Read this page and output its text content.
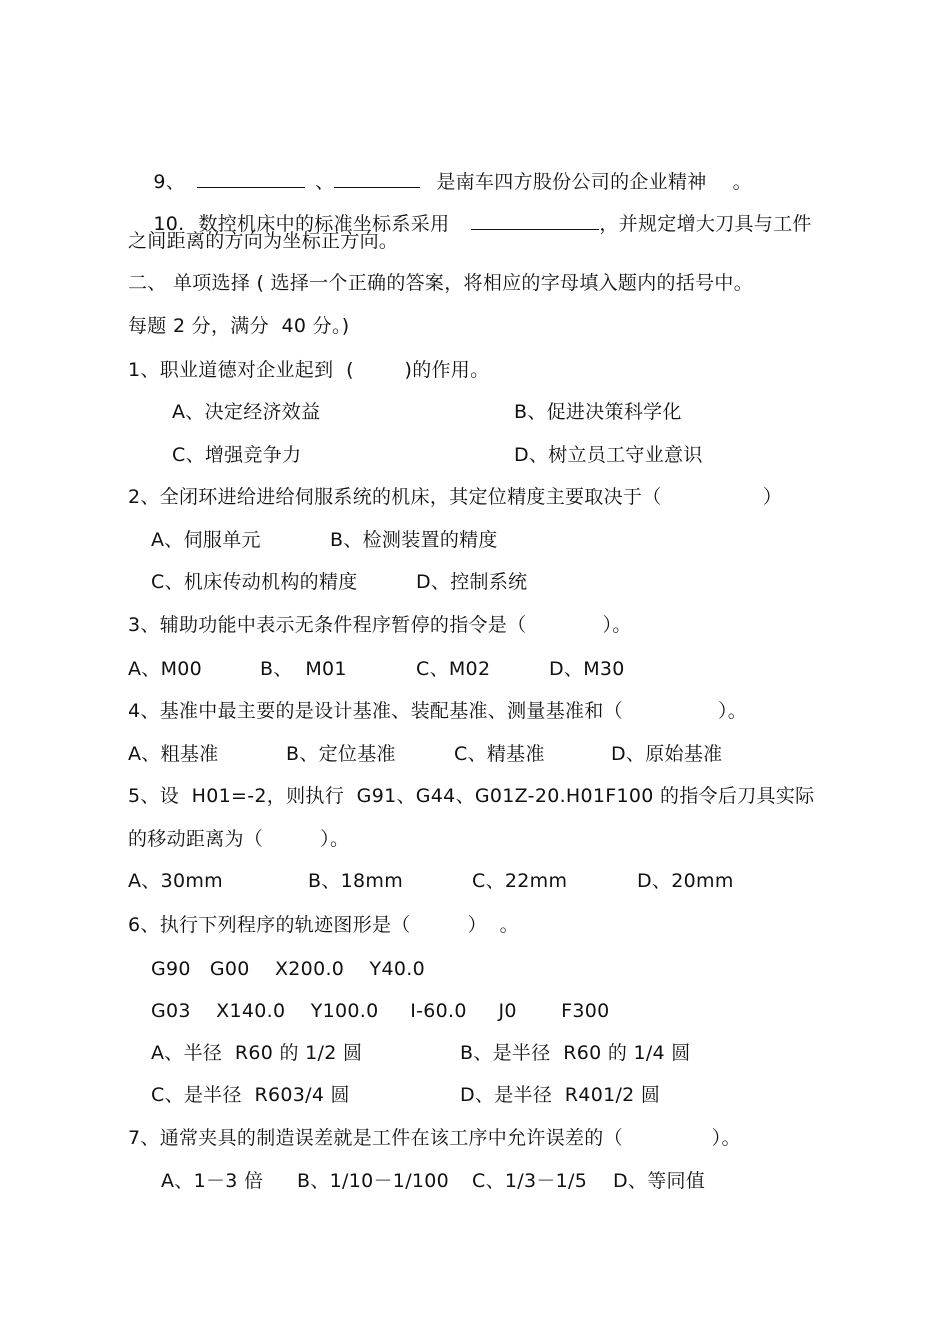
9、	、	是南车四方股份公司的企业精神 。

10. 数控机床中的标准坐标系采用	，并规定增大刀具与工件

之间距离的方向为坐标正方向。
二、 单项选择 ( 选择一个正确的答案，将相应的字母填入题内的括号中。
每题 2 分，满分  40 分。)
1、职业道德对企业起到  (        )的作用。
A、决定经济效益	B、促进决策科学化
C、增强竞争力	D、树立员工守业意识
2、全闭环进给进给伺服系统的机床，其定位精度主要取决于（                ）
A、伺服单元	B、检测装置的精度
C、机床传动机构的精度	D、控制系统
3、辅助功能中表示无条件程序暂停的指令是（            ）。
A、M00	B、  M01	C、M02	D、M30
4、基准中最主要的是设计基准、装配基准、测量基准和（               ）。
A、粗基准	B、定位基准	C、精基准	D、原始基准
5、设  H01=-2，则执行  G91、G44、G01Z-20.H01F100 的指令后刀具实际
的移动距离为（         ）。
A、30mm	B、18mm	C、22mm	D、20mm
6、执行下列程序的轨迹图形是（         ）  。
G90   G00    X200.0    Y40.0
G03    X140.0    Y100.0     I-60.0     J0       F300
A、半径  R60 的 1/2 圆	B、是半径  R60 的 1/4 圆
C、是半径  R603/4 圆	D、是半径  R401/2 圆
7、通常夹具的制造误差就是工件在该工序中允许误差的（              ）。
A、1－3 倍 B、1/10－1/100 C、1/3－1/5 D、等同值
